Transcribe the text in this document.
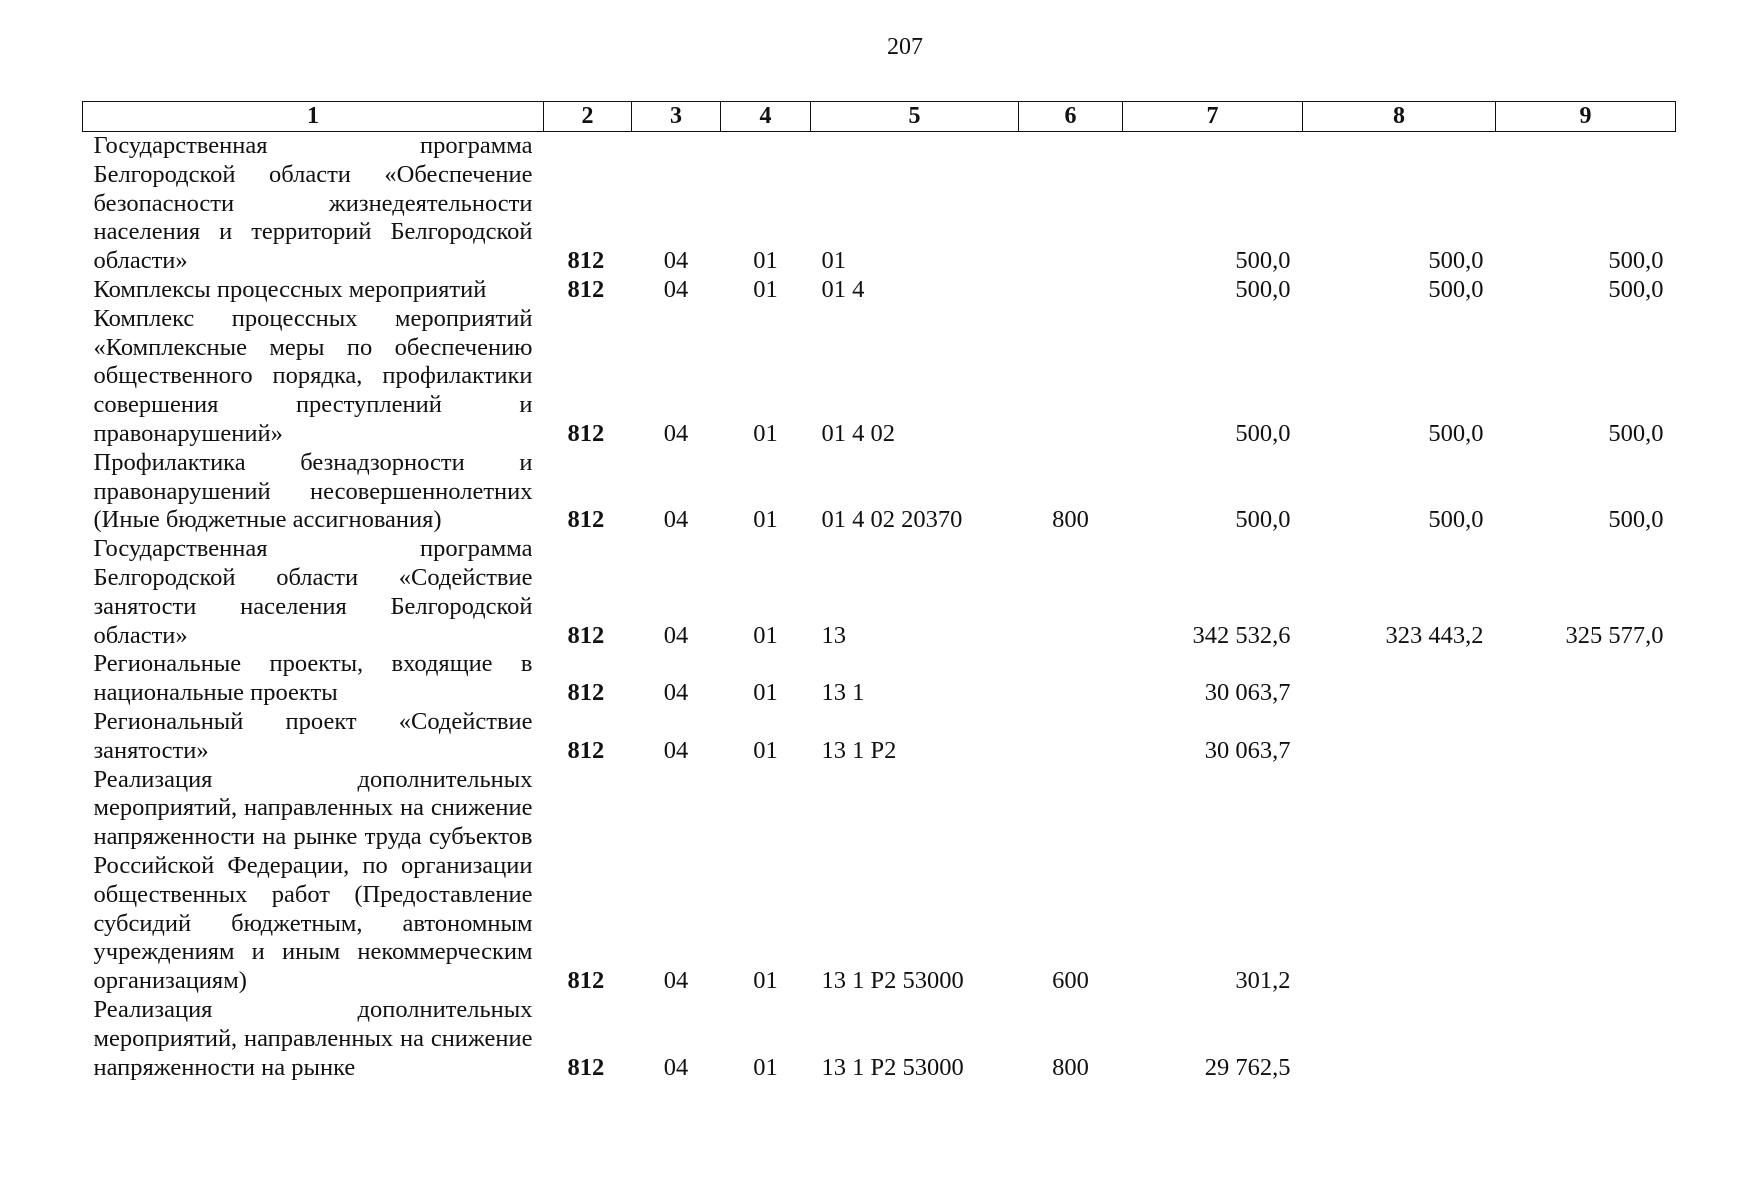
207
1	2	3	4	5	6	7	8	9
Государственная программа Белгородской области «Обеспечение безопасности жизнедеятельности населения и территорий Белгородской области»	812	04	01	01		500,0	500,0	500,0
Комплексы процессных мероприятий	812	04	01	01 4		500,0	500,0	500,0
Комплекс процессных мероприятий «Комплексные меры по обеспечению общественного порядка, профилактики совершения преступлений и правонарушений»	812	04	01	01 4 02		500,0	500,0	500,0
Профилактика безнадзорности и правонарушений несовершеннолетних (Иные бюджетные ассигнования)	812	04	01	01 4 02 20370	800	500,0	500,0	500,0
Государственная программа Белгородской области «Содействие занятости населения Белгородской области»	812	04	01	13		342 532,6	323 443,2	325 577,0
Региональные проекты, входящие в национальные проекты	812	04	01	13 1		30 063,7		
Региональный проект «Содействие занятости»	812	04	01	13 1 Р2		30 063,7		
Реализация дополнительных мероприятий, направленных на снижение напряженности на рынке труда субъектов Российской Федерации, по организации общественных работ (Предоставление субсидий бюджетным, автономным учреждениям и иным некоммерческим организациям)	812	04	01	13 1 Р2 53000	600	301,2		
Реализация дополнительных мероприятий, направленных на снижение напряженности на рынке	812	04	01	13 1 Р2 53000	800	29 762,5		
